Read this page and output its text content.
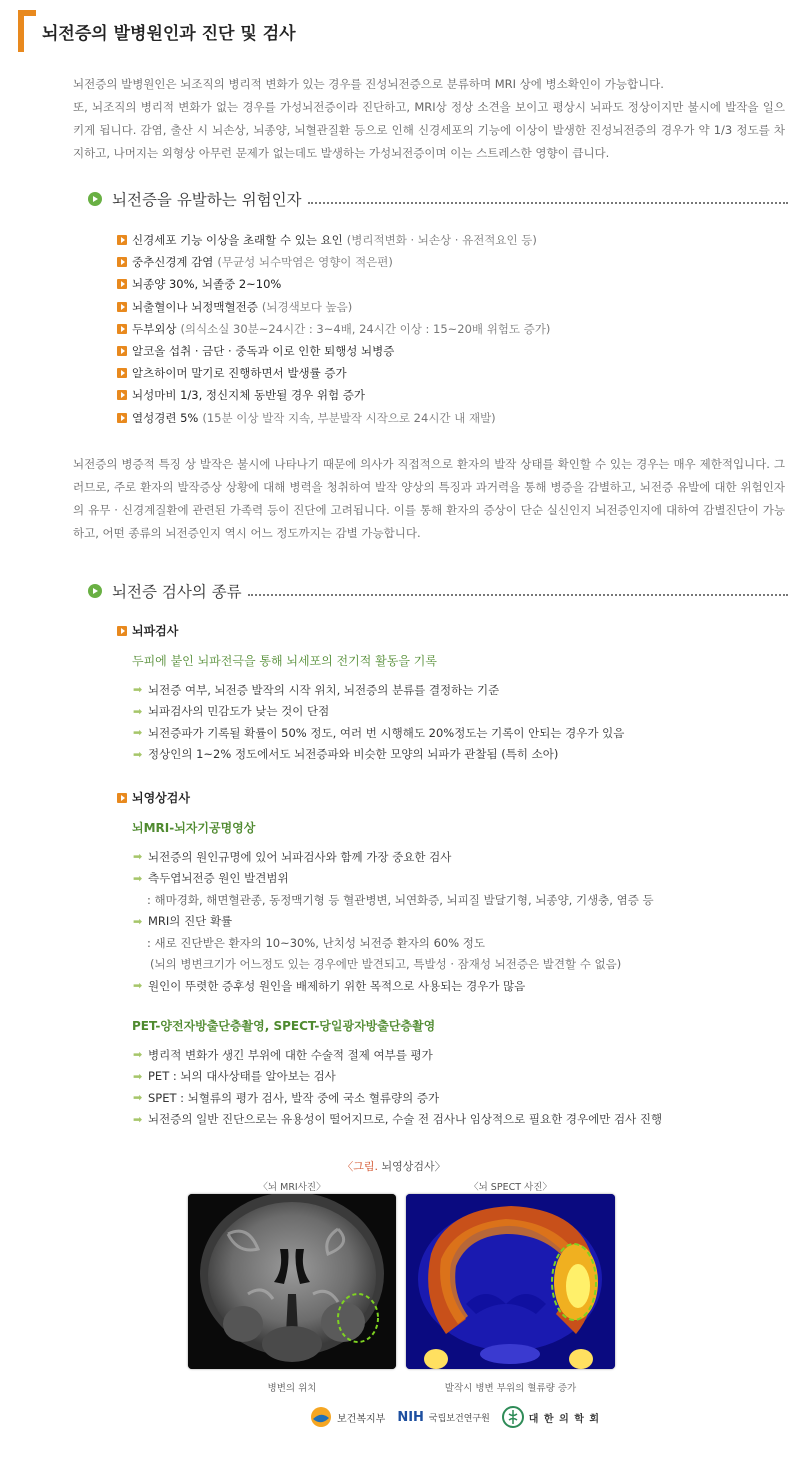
뇌전증의 발병원인과 진단 및 검사
뇌전증의 발병원인은 뇌조직의 병리적 변화가 있는 경우를 진성뇌전증으로 분류하며 MRI 상에 병소확인이 가능합니다.
또, 뇌조직의 병리적 변화가 없는 경우를 가성뇌전증이라 진단하고, MRI상 정상 소견을 보이고 평상시 뇌파도 정상이지만 불시에 발작을 일으키게 됩니다. 감염, 출산 시 뇌손상, 뇌종양, 뇌혈관질환 등으로 인해 신경세포의 기능에 이상이 발생한 진성뇌전증의 경우가 약 1/3 정도를 차지하고, 나머지는 외형상 아무런 문제가 없는데도 발생하는 가성뇌전증이며 이는 스트레스한 영향이 큽니다.
뇌전증을 유발하는 위험인자
신경세포 기능 이상을 초래할 수 있는 요인 (병리적변화 · 뇌손상 · 유전적요인 등)
중추신경계 감염 (무균성 뇌수막염은 영향이 적은편)
뇌종양 30%, 뇌졸중 2~10%
뇌출혈이나 뇌정맥혈전증 (뇌경색보다 높음)
두부외상 (의식소실 30분~24시간 : 3~4배, 24시간 이상 : 15~20배 위험도 증가)
알코올 섭취 · 금단 · 중독과 이로 인한 퇴행성 뇌병증
알츠하이머 말기로 진행하면서 발생률 증가
뇌성마비 1/3, 정신지체 동반될 경우 위험 증가
열성경련 5% (15분 이상 발작 지속, 부분발작 시작으로 24시간 내 재발)
뇌전증의 병증적 특징 상 발작은 불시에 나타나기 때문에 의사가 직접적으로 환자의 발작 상태를 확인할 수 있는 경우는 매우 제한적입니다. 그러므로, 주로 환자의 발작증상 상황에 대해 병력을 청취하여 발작 양상의 특징과 과거력을 통해 병증을 감별하고, 뇌전증 유발에 대한 위험인자의 유무 · 신경계질환에 관련된 가족력 등이 진단에 고려됩니다. 이를 통해 환자의 증상이 단순 실신인지 뇌전증인지에 대하여 감별진단이 가능하고, 어떤 종류의 뇌전증인지 역시 어느 정도까지는 감별 가능합니다.
뇌전증 검사의 종류
뇌파검사
두피에 붙인 뇌파전극을 통해 뇌세포의 전기적 활동을 기록
➡ 뇌전증 여부, 뇌전증 발작의 시작 위치, 뇌전증의 분류를 결정하는 기준
➡ 뇌파검사의 민감도가 낮는 것이 단점
➡ 뇌전증파가 기록될 확률이 50% 정도, 여러 번 시행해도 20%정도는 기록이 안되는 경우가 있음
➡ 정상인의 1~2% 정도에서도 뇌전증파와 비슷한 모양의 뇌파가 관찰됨 (특히 소아)
뇌영상검사
뇌MRI-뇌자기공명영상
➡ 뇌전증의 원인규명에 있어 뇌파검사와 함께 가장 중요한 검사
➡ 측두엽뇌전증 원인 발견범위
: 해마경화, 해면혈관종, 동정맥기형 등 혈관병변, 뇌연화증, 뇌피질 발달기형, 뇌종양, 기생충, 염증 등
➡ MRI의 진단 확률
: 새로 진단받은 환자의 10~30%, 난치성 뇌전증 환자의 60% 정도
(뇌의 병변크기가 어느정도 있는 경우에만 발견되고, 특발성 · 잠재성 뇌전증은 발견할 수 없음)
➡ 원인이 뚜렷한 증후성 원인을 배제하기 위한 목적으로 사용되는 경우가 많음
PET-양전자방출단층촬영, SPECT-당일광자방출단층촬영
➡ 병리적 변화가 생긴 부위에 대한 수술적 절제 여부를 평가
➡ PET : 뇌의 대사상태를 알아보는 검사
➡ SPET : 뇌혈류의 평가 검사, 발작 중에 국소 혈류량의 증가
➡ 뇌전증의 일반 진단으로는 유용성이 떨어지므로, 수술 전 검사나 임상적으로 필요한 경우에만 검사 진행
〈그림. 뇌영상검사〉
〈뇌 MRI사진〉	〈뇌 SPECT 사진〉
병변의 위치	발작시 병변 부위의 혈류량 증가
보건복지부 NIH 국립보건연구원	대 한 의 학 회
